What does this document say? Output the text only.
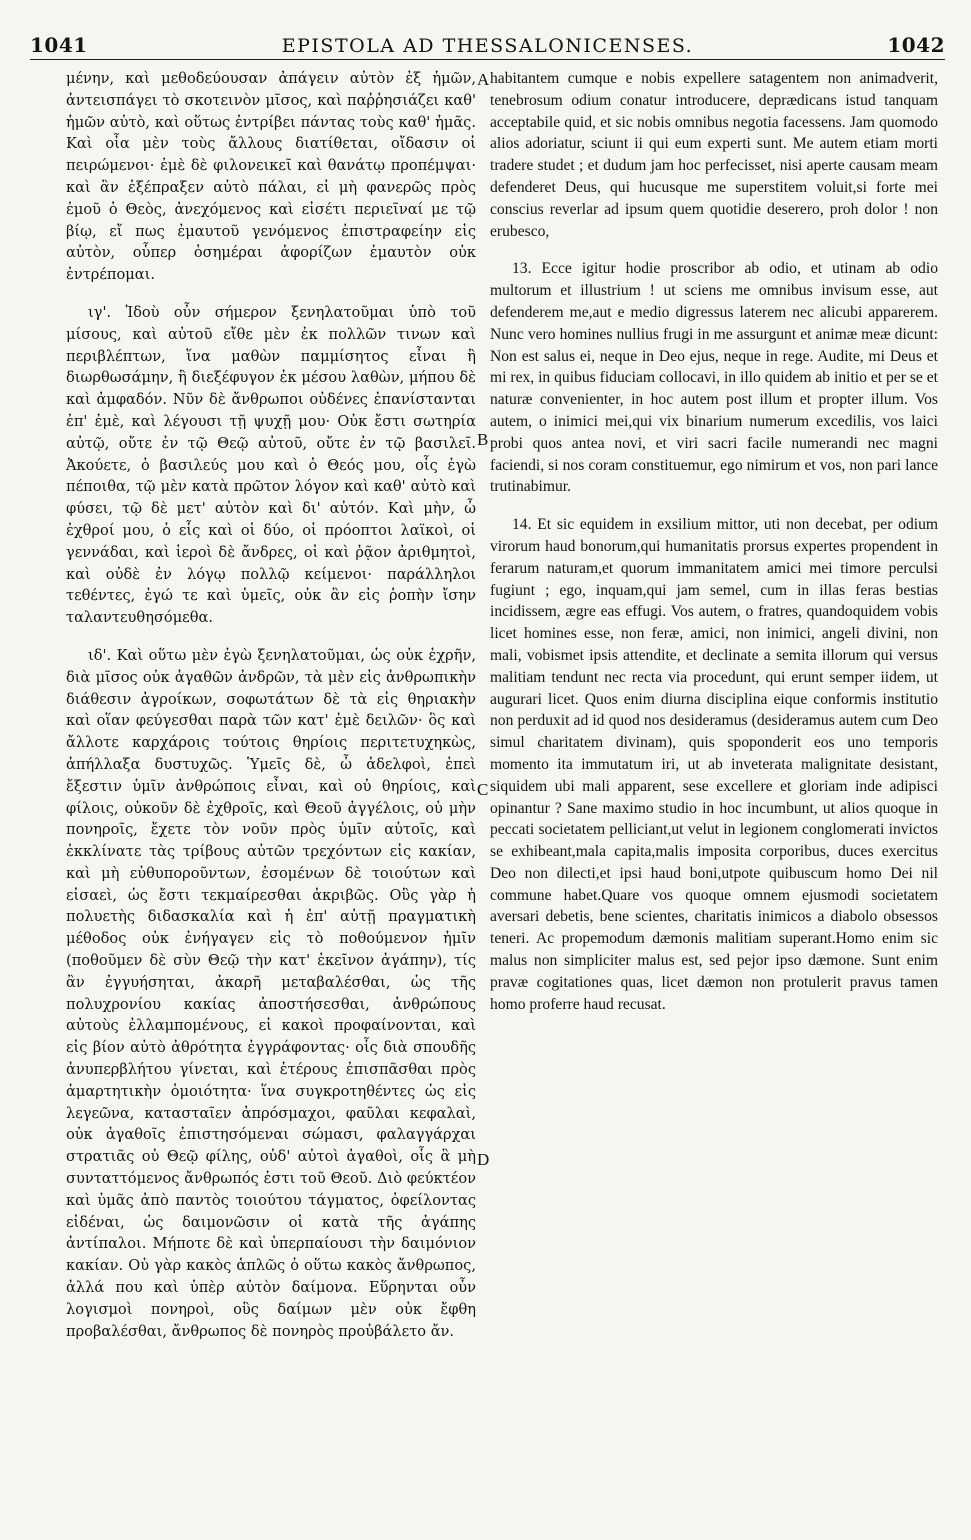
1041	EPISTOLA AD THESSALONICENSES.	1042

μένην, καὶ μεθοδεύουσαν ἀπάγειν αὐτὸν ἐξ ἡμῶν, ἀντεισπάγει τὸ σκοτεινὸν μῖσος, καὶ παῤῥησιάζει καθ' ἡμῶν αὐτὸ, καὶ οὕτως ἐντρίβει πάντας τοὺς καθ' ἡμᾶς. Καὶ οἷα μὲν τοὺς ἄλλους διατίθεται, οἴδασιν οἱ πειρώμενοι· ἐμὲ δὲ φιλονεικεῖ καὶ θανάτῳ προπέμψαι· καὶ ἂν ἐξέπραξεν αὐτὸ πάλαι, εἰ μὴ φανερῶς πρὸς ἐμοῦ ὁ Θεὸς, ἀνεχόμενος καὶ εἰσέτι περιεῖναί με τῷ βίῳ, εἴ πως ἐμαυτοῦ γενόμενος ἐπιστραφείην εἰς αὐτὸν, οὗπερ ὁσημέραι ἀφορίζων ἐμαυτὸν οὐκ ἐντρέπομαι.

ιγ'. Ἰδοὺ οὖν σήμερον ξενηλατοῦμαι ὑπὸ τοῦ μίσους, καὶ αὐτοῦ εἴθε μὲν ἐκ πολλῶν τινων καὶ περιβλέπτων, ἵνα μαθὼν παμμίσητος εἶναι ἢ διωρθωσάμην, ἢ διεξέφυγον ἐκ μέσου λαθὼν, μήπου δὲ καὶ ἀμφαδόν. Νῦν δὲ ἄνθρωποι οὐδένες ἐπανίστανται ἐπ' ἐμὲ, καὶ λέγουσι τῇ ψυχῇ μου· Οὐκ ἔστι σωτηρία αὐτῷ, οὔτε ἐν τῷ Θεῷ αὐτοῦ, οὔτε ἐν τῷ βασιλεῖ. Ἀκούετε, ὁ βασιλεύς μου καὶ ὁ Θεός μου, οἷς ἐγὼ πέποιθα, τῷ μὲν κατὰ πρῶτον λόγον καὶ καθ' αὐτὸ καὶ φύσει, τῷ δὲ μετ' αὐτὸν καὶ δι' αὐτόν. Καὶ μὴν, ὦ ἐχθροί μου, ὁ εἷς καὶ οἱ δύο, οἱ πρόοπτοι λαϊκοὶ, οἱ γεννάδαι, καὶ ἱεροὶ δὲ ἄνδρες, οἱ καὶ ῥᾷον ἀριθμητοὶ, καὶ οὐδὲ ἐν λόγῳ πολλῷ κείμενοι· παράλληλοι τεθέντες, ἐγώ τε καὶ ὑμεῖς, οὐκ ἂν εἰς ῥοπὴν ἴσην ταλαντευθησόμεθα.

ιδ'. Καὶ οὕτω μὲν ἐγὼ ξενηλατοῦμαι, ὡς οὐκ ἐχρῆν, διὰ μῖσος οὐκ ἀγαθῶν ἀνδρῶν, τὰ μὲν εἰς ἀνθρωπικὴν διάθεσιν ἀγροίκων, σοφωτάτων δὲ τὰ εἰς θηριακὴν καὶ οἵαν φεύγεσθαι παρὰ τῶν κατ' ἐμὲ δειλῶν· ὃς καὶ ἄλλοτε καρχάροις τούτοις θηρίοις περιτετυχηκὼς, ἀπήλλαξα δυστυχῶς. Ὑμεῖς δὲ, ὦ ἀδελφοὶ, ἐπεὶ ἔξεστιν ὑμῖν ἀνθρώποις εἶναι, καὶ οὐ θηρίοις, καὶ φίλοις, οὐκοῦν δὲ ἐχθροῖς, καὶ Θεοῦ ἀγγέλοις, οὐ μὴν πονηροῖς, ἔχετε τὸν νοῦν πρὸς ὑμῖν αὐτοῖς, καὶ ἐκκλίνατε τὰς τρίβους αὐτῶν τρεχόντων εἰς κακίαν, καὶ μὴ εὐθυποροῦντων, ἐσομένων δὲ τοιούτων καὶ εἰσαεὶ, ὡς ἔστι τεκμαίρεσθαι ἀκριβῶς. Οὓς γὰρ ἡ πολυετὴς διδασκαλία καὶ ἡ ἐπ' αὐτῇ πραγματικὴ μέθοδος οὐκ ἐνήγαγεν εἰς τὸ ποθούμενον ἡμῖν (ποθοῦμεν δὲ σὺν Θεῷ τὴν κατ' ἐκεῖνον ἀγάπην), τίς ἂν ἐγγυήσηται, ἀκαρῆ μεταβαλέσθαι, ὡς τῆς πολυχρονίου κακίας ἀποστήσεσθαι, ἀνθρώπους αὐτοὺς ἐλλαμπομένους, εἰ κακοὶ προφαίνονται, καὶ εἰς βίον αὐτὸ ἀθρότητα ἐγγράφοντας· οἷς διὰ σπουδῆς ἀνυπερβλήτου γίνεται, καὶ ἑτέρους ἐπισπᾶσθαι πρὸς ἁμαρτητικὴν ὁμοιότητα· ἵνα συγκροτηθέντες ὡς εἰς λεγεῶνα, κατασταῖεν ἀπρόσμαχοι, φαῦλαι κεφαλαὶ, οὐκ ἀγαθοῖς ἐπιστησόμεναι σώμασι, φαλαγγάρχαι στρατιᾶς οὐ Θεῷ φίλης, οὐδ' αὐτοὶ ἀγαθοὶ, οἷς ἃ μὴ συνταττόμενος ἄνθρωπός ἐστι τοῦ Θεοῦ. Διὸ φεύκτέον καὶ ὑμᾶς ἀπὸ παντὸς τοιούτου τάγματος, ὀφείλοντας εἰδέναι, ὡς δαιμονῶσιν οἱ κατὰ τῆς ἀγάπης ἀντίπαλοι. Μήποτε δὲ καὶ ὑπερπαίουσι τὴν δαιμόνιον κακίαν. Οὐ γὰρ κακὸς ἁπλῶς ὁ οὕτω κακὸς ἄνθρωπος, ἀλλά που καὶ ὑπὲρ αὐτὸν δαίμονα. Εὕρηνται οὖν λογισμοὶ πονηροὶ, οὓς δαίμων μὲν οὐκ ἔφθη προβαλέσθαι, ἄνθρωπος δὲ πονηρὸς προὐβάλετο ἄν.

A
B
C
D

habitantem cumque e nobis expellere satagentem non animadverit, tenebrosum odium conatur introducere, deprædicans istud tanquam acceptabile quid, et sic nobis omnibus negotia facessens. Jam quomodo alios adoriatur, sciunt ii qui eum experti sunt. Me autem etiam morti tradere studet ; et dudum jam hoc perfecisset, nisi aperte causam meam defenderet Deus, qui hucusque me superstitem voluit,si forte mei conscius reverlar ad ipsum quem quotidie deserero, proh dolor ! non erubesco,

13. Ecce igitur hodie proscribor ab odio, et utinam ab odio multorum et illustrium ! ut sciens me omnibus invisum esse, aut defenderem me,aut e medio digressus laterem nec alicubi apparerem. Nunc vero homines nullius frugi in me assurgunt et animæ meæ dicunt: Non est salus ei, neque in Deo ejus, neque in rege. Audite, mi Deus et mi rex, in quibus fiduciam collocavi, in illo quidem ab initio et per se et naturæ convenienter, in hoc autem post illum et propter illum. Vos autem, o inimici mei,qui vix binarium numerum excedilis, vos laici probi quos antea novi, et viri sacri facile numerandi nec magni faciendi, si nos coram constituemur, ego nimirum et vos, non pari lance trutinabimur.

14. Et sic equidem in exsilium mittor, uti non decebat, per odium virorum haud bonorum,qui humanitatis prorsus expertes propendent in ferarum naturam,et quorum immanitatem amici mei timore perculsi fugiunt ; ego, inquam,qui jam semel, cum in illas feras bestias incidissem, ægre eas effugi. Vos autem, o fratres, quandoquidem vobis licet homines esse, non feræ, amici, non inimici, angeli divini, non mali, vobismet ipsis attendite, et declinate a semita illorum qui versus malitiam tendunt nec recta via procedunt, qui erunt semper iidem, ut augurari licet. Quos enim diurna disciplina eique conformis institutio non perduxit ad id quod nos desideramus (desideramus autem cum Deo simul charitatem divinam), quis spoponderit eos uno temporis momento ita immutatum iri, ut ab inveterata malignitate desistant, siquidem ubi mali apparent, sese excellere et gloriam inde adipisci opinantur ? Sane maximo studio in hoc incumbunt, ut alios quoque in peccati societatem pelliciant,ut velut in legionem conglomerati invictos se exhibeant,mala capita,malis imposita corporibus, duces exercitus Deo non dilecti,et ipsi haud boni,utpote quibuscum homo Dei nil commune habet.Quare vos quoque omnem ejusmodi societatem aversari debetis, bene scientes, charitatis inimicos a diabolo obsessos teneri. Ac propemodum dæmonis malitiam superant.Homo enim sic malus non simpliciter malus est, sed pejor ipso dæmone. Sunt enim pravæ cogitationes quas, licet dæmon non protulerit pravus tamen homo proferre haud recusat.
